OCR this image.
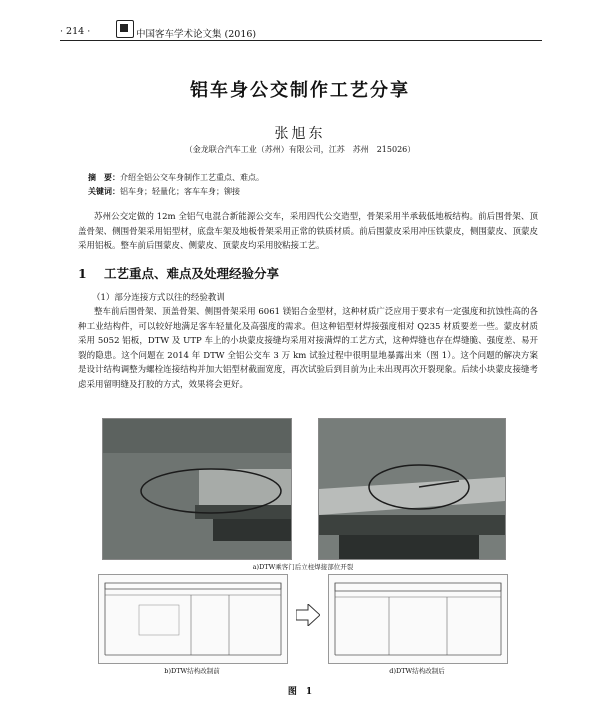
· 214 ·	中国客车学术论文集 (2016)
铝车身公交制作工艺分享
张旭东
（金龙联合汽车工业（苏州）有限公司，江苏　苏州　215026）
摘　要：介绍全铝公交车身制作工艺重点、难点。
关键词：铝车身；轻量化；客车车身；铆接

苏州公交定做的 12m 全铝气电混合新能源公交车，采用四代公交造型，骨架采用半承载低地板结构。前后围骨架、顶盖骨架、侧围骨架采用铝型材，底盘车架及地板骨架采用正常的铁质材质。前后围蒙皮采用冲压铁蒙皮，侧围蒙皮、顶蒙皮采用铝板。整车前后围蒙皮、侧蒙皮、顶蒙皮均采用胶粘接工艺。

1 工艺重点、难点及处理经验分享
（1）部分连接方式以往的经验教训

整车前后围骨架、顶盖骨架、侧围骨架采用 6061 镁铝合金型材，这种材质广泛应用于要求有一定强度和抗蚀性高的各种工业结构件，可以较好地满足客车轻量化及高强度的需求。但这种铝型材焊接强度相对 Q235 材质要差一些。蒙皮材质采用 5052 铝板，DTW 及 UTP 车上的小块蒙皮接缝均采用对接满焊的工艺方式，这种焊缝也存在焊缝脆、强度差、易开裂的隐患。这个问题在 2014 年 DTW 全铝公交车 3 万 km 试验过程中很明显地暴露出来（图 1）。这个问题的解决方案是设计结构调整为螺栓连接结构并加大铝型材截面宽度，再次试验后到目前为止未出现再次开裂现象。后续小块蒙皮接缝考虑采用留明缝及打胶的方式，效果将会更好。

a)DTW乘客门后立柱焊接部位开裂
b)DTW结构改制前	d)DTW结构改制后
图　1
